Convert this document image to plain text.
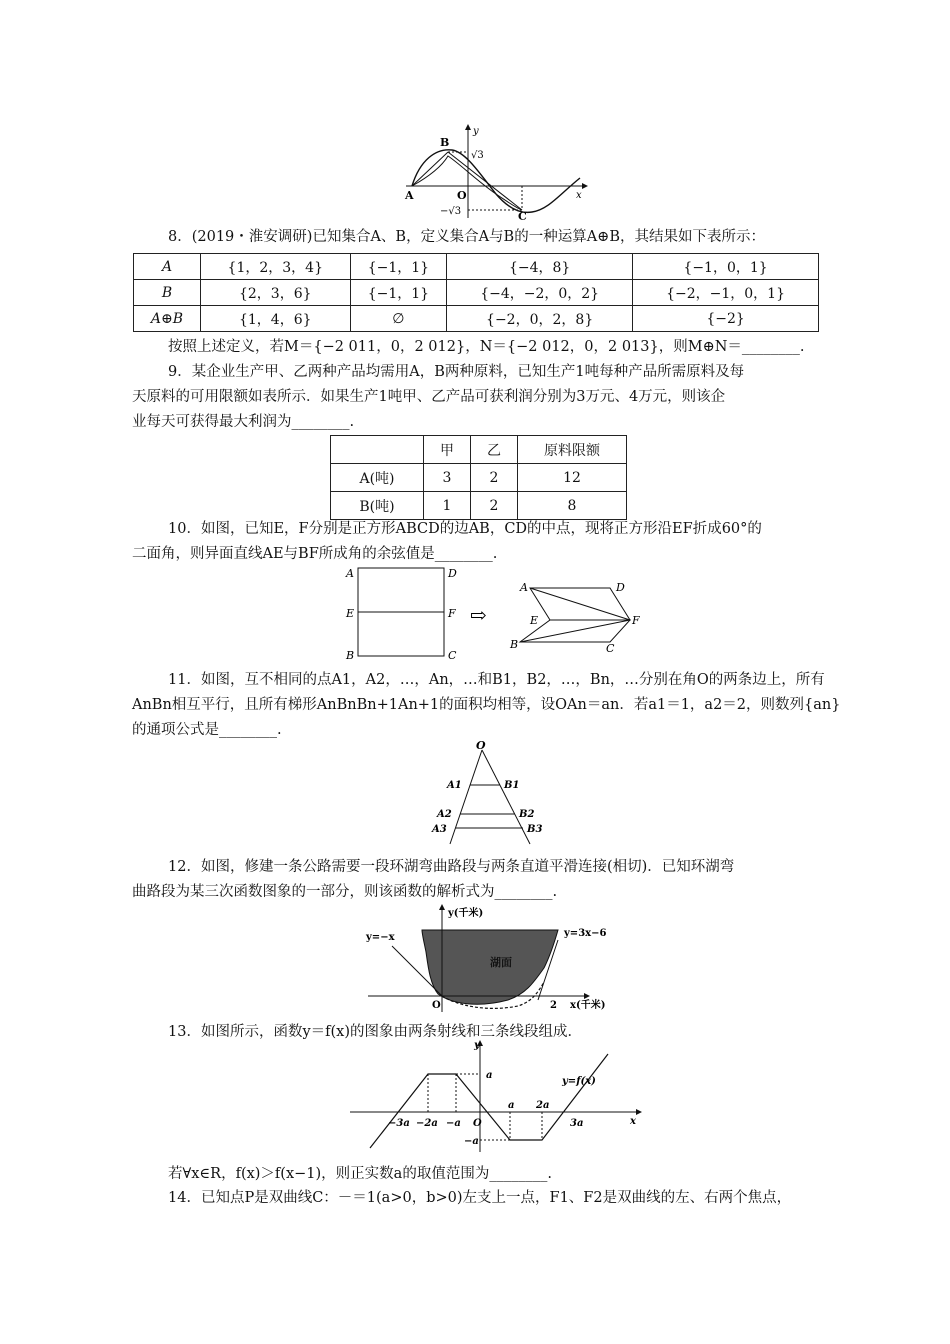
B
y
√3
A	O	x
−√3	C
8．(2019・淮安调研)已知集合A、B，定义集合A与B的一种运算A⊕B，其结果如下表所示：
A	{1，2，3，4}	{−1，1}	{−4，8}	{−1，0，1}
B	{2，3，6}	{−1，1}	{−4，−2，0，2}	{−2，−1，0，1}
A⊕B	{1，4，6}	∅	{−2，0，2，8}	{−2}
按照上述定义，若M＝{−2 011，0，2 012}，N＝{−2 012，0，2 013}，则M⊕N＝________.
9．某企业生产甲、乙两种产品均需用A，B两种原料，已知生产1吨每种产品所需原料及每
天原料的可用限额如表所示．如果生产1吨甲、乙产品可获利润分别为3万元、4万元，则该企
业每天可获得最大利润为________.
	甲	乙	原料限额
A(吨)	3	2	12
B(吨)	1	2	8
10．如图，已知E，F分别是正方形ABCD的边AB，CD的中点，现将正方形沿EF折成60°的
二面角，则异面直线AE与BF所成角的余弦值是________.
A	D
E	F
B	C
⇨
A	D
E	F
B	C
11．如图，互不相同的点A1，A2，…，An，…和B1，B2，…，Bn，…分别在角O的两条边上，所有
AnBn相互平行，且所有梯形AnBnBn+1An+1的面积均相等，设OAn＝an．若a1＝1，a2＝2，则数列{an}
的通项公式是________.
O
A1	B1
A2	B2
A3	B3
12．如图，修建一条公路需要一段环湖弯曲路段与两条直道平滑连接(相切)．已知环湖弯
曲路段为某三次函数图象的一部分，则该函数的解析式为________.
y(千米)
y=−x	y=3x−6
湖面
O	2 x(千米)
13．如图所示，函数y＝f(x)的图象由两条射线和三条线段组成．
y
a
y=f(x)
−3a −2a −a O
a 2a
3a
−a
x
若∀x∈R，f(x)＞f(x−1)，则正实数a的取值范围为________.
14．已知点P是双曲线C：－＝1(a>0，b>0)左支上一点，F1、F2是双曲线的左、右两个焦点，
